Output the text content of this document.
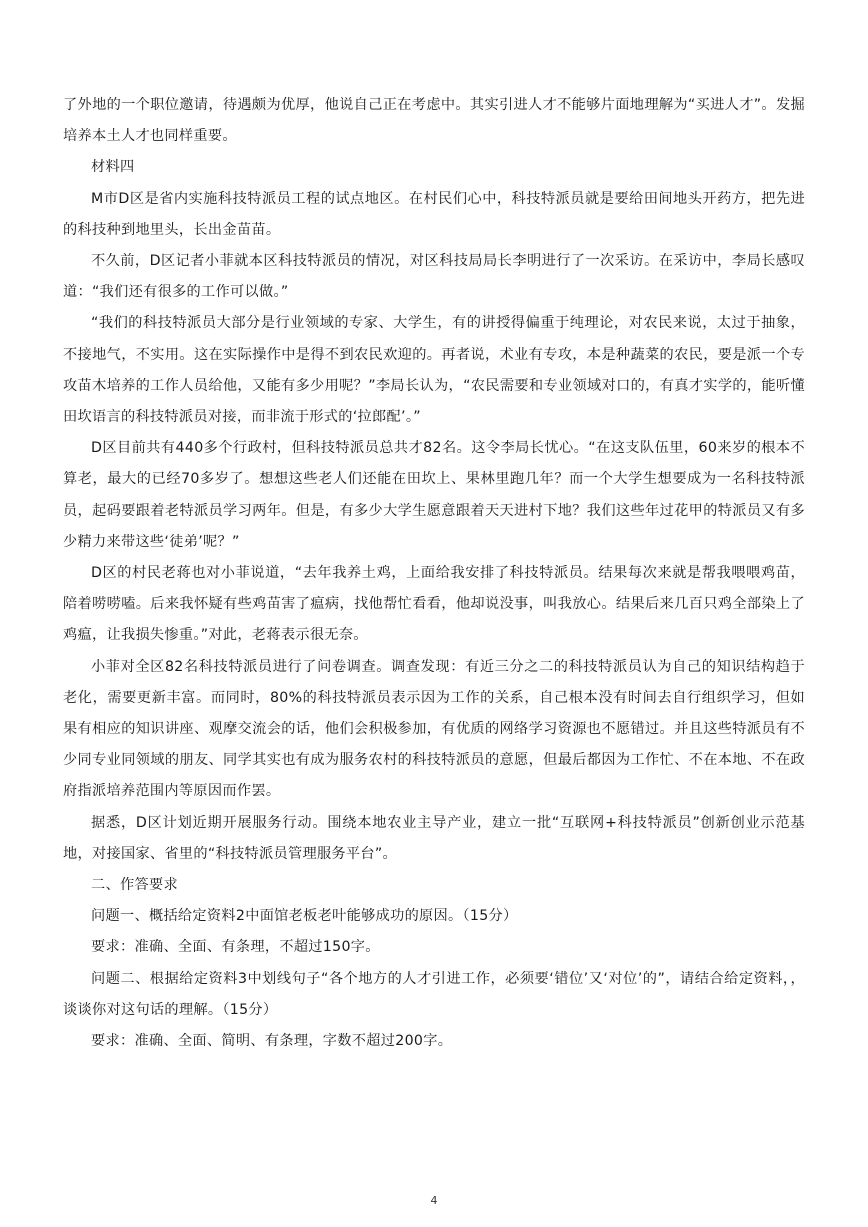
了外地的一个职位邀请，待遇颇为优厚，他说自己正在考虑中。其实引进人才不能够片面地理解为“买进人才”。发掘培养本土人才也同样重要。

材料四

M市D区是省内实施科技特派员工程的试点地区。在村民们心中，科技特派员就是要给田间地头开药方，把先进的科技种到地里头，长出金苗苗。

不久前，D区记者小菲就本区科技特派员的情况，对区科技局局长李明进行了一次采访。在采访中，李局长感叹道：“我们还有很多的工作可以做。”

“我们的科技特派员大部分是行业领域的专家、大学生，有的讲授得偏重于纯理论，对农民来说，太过于抽象，不接地气，不实用。这在实际操作中是得不到农民欢迎的。再者说，术业有专攻，本是种蔬菜的农民，要是派一个专攻苗木培养的工作人员给他，又能有多少用呢？”李局长认为，“农民需要和专业领域对口的，有真才实学的，能听懂田坎语言的科技特派员对接，而非流于形式的‘拉郎配’。”

D区目前共有440多个行政村，但科技特派员总共才82名。这令李局长忧心。“在这支队伍里，60来岁的根本不算老，最大的已经70多岁了。想想这些老人们还能在田坎上、果林里跑几年？而一个大学生想要成为一名科技特派员，起码要跟着老特派员学习两年。但是，有多少大学生愿意跟着天天进村下地？我们这些年过花甲的特派员又有多少精力来带这些‘徒弟’呢？”

D区的村民老蒋也对小菲说道，“去年我养土鸡，上面给我安排了科技特派员。结果每次来就是帮我喂喂鸡苗，陪着唠唠嗑。后来我怀疑有些鸡苗害了瘟病，找他帮忙看看，他却说没事，叫我放心。结果后来几百只鸡全部染上了鸡瘟，让我损失惨重。”对此，老蒋表示很无奈。

小菲对全区82名科技特派员进行了问卷调查。调查发现：有近三分之二的科技特派员认为自己的知识结构趋于老化，需要更新丰富。而同时，80%的科技特派员表示因为工作的关系，自己根本没有时间去自行组织学习，但如果有相应的知识讲座、观摩交流会的话，他们会积极参加，有优质的网络学习资源也不愿错过。并且这些特派员有不少同专业同领域的朋友、同学其实也有成为服务农村的科技特派员的意愿，但最后都因为工作忙、不在本地、不在政府指派培养范围内等原因而作罢。

据悉，D区计划近期开展服务行动。围绕本地农业主导产业，建立一批“互联网+科技特派员”创新创业示范基地，对接国家、省里的“科技特派员管理服务平台”。

二、作答要求

问题一、概括给定资料2中面馆老板老叶能够成功的原因。（15分）

要求：准确、全面、有条理，不超过150字。

问题二、根据给定资料3中划线句子“各个地方的人才引进工作，必须要‘错位’又‘对位’的”，请结合给定资料，，谈谈你对这句话的理解。（15分）

要求：准确、全面、简明、有条理，字数不超过200字。

4
